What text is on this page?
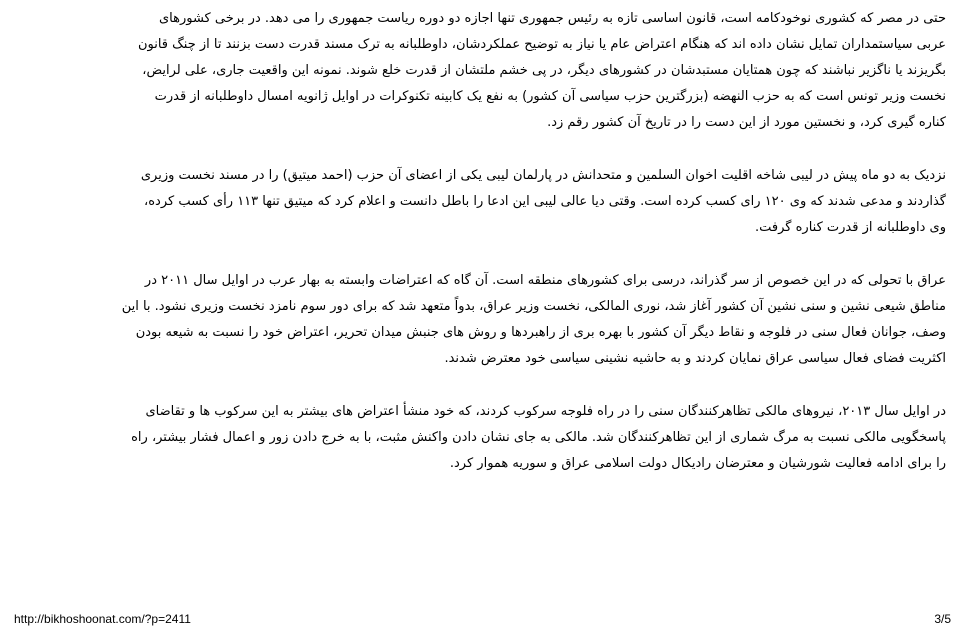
حتی در مصر که کشوری نوخودکامه است، قانون اساسی تازه به رئیس جمهوری تنها اجازه دو دوره ریاست جمهوری را می دهد. در برخی کشورهای
عربی سیاستمداران تمایل نشان داده اند که هنگام اعتراض عام یا نیاز به توضیح عملکردشان، داوطلبانه به ترک مسند قدرت دست بزنند تا از چنگ قانون
بگریزند یا ناگزیر نباشند که چون همتایان مستبدشان در کشورهای دیگر، در پی خشم ملتشان از قدرت خلع شوند. نمونه این واقعیت جاری، علی لرایض،
نخست وزیر تونس است که به حزب النهضه (بزرگترین حزب سیاسی آن کشور) به نفع یک کابینه تکنوکرات در اوایل ژانویه امسال داوطلبانه از قدرت
کناره گیری کرد، و نخستین مورد از این دست را در تاریخ آن کشور رقم زد.
نزدیک به دو ماه پیش در لیبی شاخه اقلیت اخوان السلمین و متحدانش در پارلمان لیبی یکی از اعضای آن حزب (احمد میتیق) را در مسند نخست وزیری
گذاردند و مدعی شدند که وی ۱۲۰ رای کسب کرده است. وقتی دیا عالی لیبی این ادعا را باطل دانست و اعلام کرد که میتیق تنها ۱۱۳ رأی کسب کرده،
وی داوطلبانه از قدرت کناره گرفت.
عراق با تحولی که در این خصوص از سر گذراند، درسی برای کشورهای منطقه است. آن گاه که اعتراضات وابسته به بهار عرب در اوایل سال ۲۰۱۱ در
مناطق شیعی نشین و سنی نشین آن کشور آغاز شد، نوری المالکی، نخست وزیر عراق، بدواً متعهد شد که برای دور سوم نامزد نخست وزیری نشود. با این
وصف، جوانان فعال سنی در فلوجه و نقاط دیگر آن کشور با بهره بری از راهبردها و روش های جنبش میدان تحریر، اعتراض خود را نسبت به شیعه بودن
اکثریت فضای فعال سیاسی عراق نمایان کردند و به حاشیه نشینی سیاسی خود معترض شدند.
در اوایل سال ۲۰۱۳، نیروهای مالکی تظاهرکنندگان سنی را در راه فلوجه سرکوب کردند، که خود منشأ اعتراض های بیشتر به این سرکوب ها و تقاضای
پاسخگویی مالکی نسبت به مرگ شماری از این تظاهرکنندگان شد. مالکی به جای نشان دادن واکنش مثبت، با به خرج دادن زور و اعمال فشار بیشتر، راه
را برای ادامه فعالیت شورشیان و معترضان رادیکال دولت اسلامی عراق و سوریه هموار کرد.
http://bikhoshoonat.com/?p=2411	3/5
